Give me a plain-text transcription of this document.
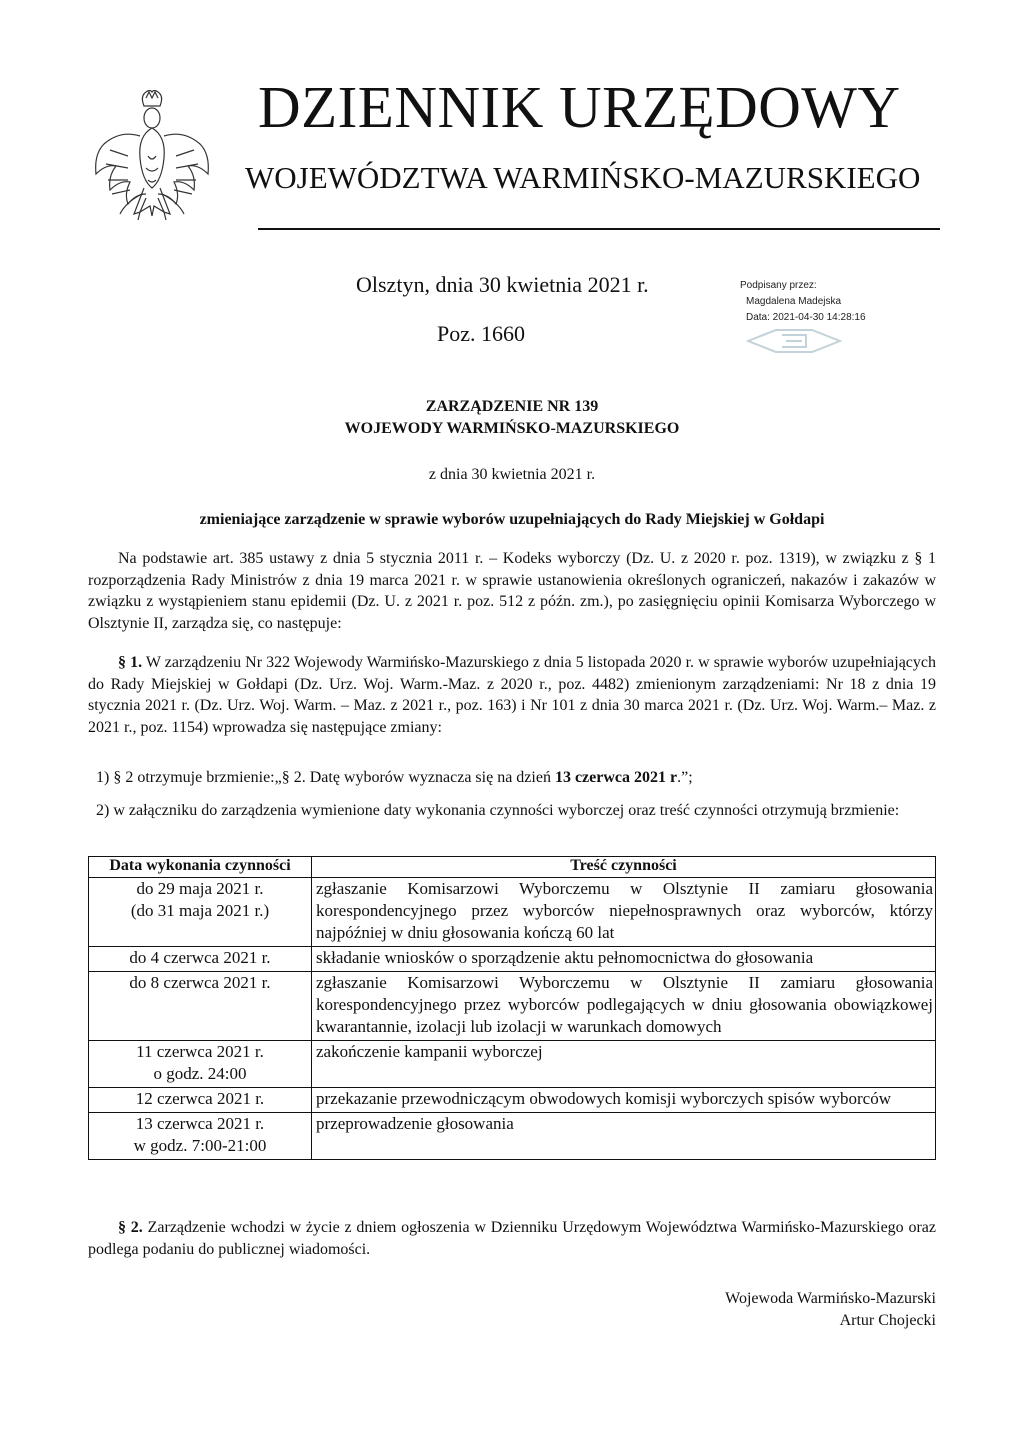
DZIENNIK URZĘDOWY
WOJEWÓDZTWA WARMIŃSKO-MAZURSKIEGO
Olsztyn, dnia 30 kwietnia 2021 r.
Poz. 1660
Podpisany przez:
Magdalena Madejska
Data: 2021-04-30 14:28:16
ZARZĄDZENIE NR 139
WOJEWODY WARMIŃSKO-MAZURSKIEGO
z dnia 30 kwietnia 2021 r.
zmieniające zarządzenie w sprawie wyborów uzupełniających do Rady Miejskiej w Gołdapi
Na podstawie art. 385 ustawy z dnia 5 stycznia 2011 r. – Kodeks wyborczy (Dz. U. z 2020 r. poz. 1319), w związku z § 1 rozporządzenia Rady Ministrów z dnia 19 marca 2021 r. w sprawie ustanowienia określonych ograniczeń, nakazów i zakazów w związku z wystąpieniem stanu epidemii (Dz. U. z 2021 r. poz. 512 z późn. zm.), po zasięgnięciu opinii Komisarza Wyborczego w Olsztynie II, zarządza się, co następuje:
§ 1. W zarządzeniu Nr 322 Wojewody Warmińsko-Mazurskiego z dnia 5 listopada 2020 r. w sprawie wyborów uzupełniających do Rady Miejskiej w Gołdapi (Dz. Urz. Woj. Warm.-Maz. z 2020 r., poz. 4482) zmienionym zarządzeniami: Nr 18 z dnia 19 stycznia 2021 r. (Dz. Urz. Woj. Warm. – Maz. z 2021 r., poz. 163) i Nr 101 z dnia 30 marca 2021 r. (Dz. Urz. Woj. Warm.– Maz. z 2021 r., poz. 1154) wprowadza się następujące zmiany:
1) § 2 otrzymuje brzmienie:„§ 2. Datę wyborów wyznacza się na dzień 13 czerwca 2021 r.”;
2) w załączniku do zarządzenia wymienione daty wykonania czynności wyborczej oraz treść czynności otrzymują brzmienie:
Data wykonania czynności	Treść czynności

do 29 maja 2021 r.
(do 31 maja 2021 r.)	zgłaszanie Komisarzowi Wyborczemu w Olsztynie II zamiaru głosowania korespondencyjnego przez wyborców niepełnosprawnych oraz wyborców, którzy najpóźniej w dniu głosowania kończą 60 lat

do 4 czerwca 2021 r.	składanie wniosków o sporządzenie aktu pełnomocnictwa do głosowania

do 8 czerwca 2021 r.	zgłaszanie Komisarzowi Wyborczemu w Olsztynie II zamiaru głosowania korespondencyjnego przez wyborców podlegających w dniu głosowania obowiązkowej kwarantannie, izolacji lub izolacji w warunkach domowych

11 czerwca 2021 r.
o godz. 24:00	zakończenie kampanii wyborczej

12 czerwca 2021 r.	przekazanie przewodniczącym obwodowych komisji wyborczych spisów wyborców

13 czerwca 2021 r.
w godz. 7:00-21:00	przeprowadzenie głosowania
§ 2. Zarządzenie wchodzi w życie z dniem ogłoszenia w Dzienniku Urzędowym Województwa Warmińsko-Mazurskiego oraz podlega podaniu do publicznej wiadomości.
Wojewoda Warmińsko-Mazurski
Artur Chojecki
